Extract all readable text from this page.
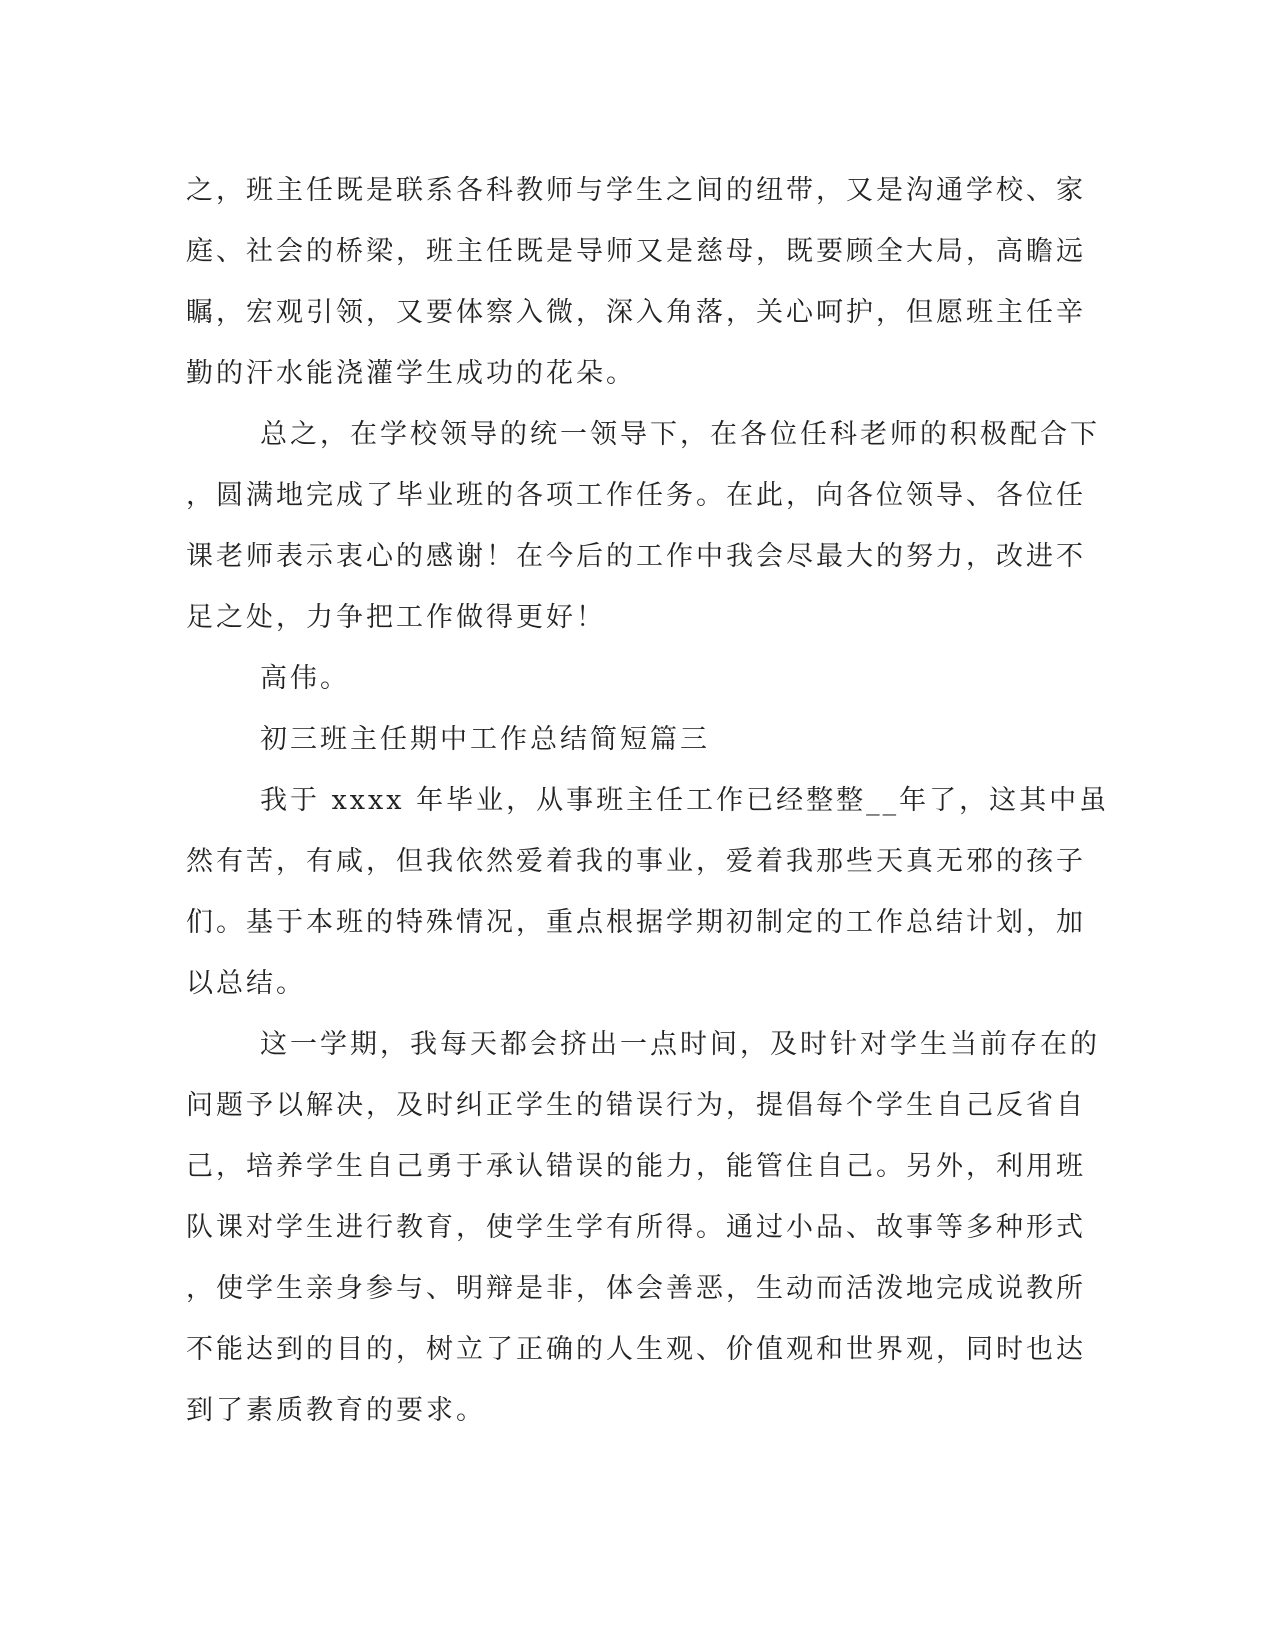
之，班主任既是联系各科教师与学生之间的纽带，又是沟通学校、家
庭、社会的桥梁，班主任既是导师又是慈母，既要顾全大局，高瞻远
瞩，宏观引领，又要体察入微，深入角落，关心呵护，但愿班主任辛
勤的汗水能浇灌学生成功的花朵。
总之，在学校领导的统一领导下，在各位任科老师的积极配合下
，圆满地完成了毕业班的各项工作任务。在此，向各位领导、各位任
课老师表示衷心的感谢！在今后的工作中我会尽最大的努力，改进不
足之处，力争把工作做得更好！
高伟。
初三班主任期中工作总结简短篇三
我于 xxxx 年毕业，从事班主任工作已经整整__年了，这其中虽
然有苦，有咸，但我依然爱着我的事业，爱着我那些天真无邪的孩子
们。基于本班的特殊情况，重点根据学期初制定的工作总结计划，加
以总结。
这一学期，我每天都会挤出一点时间，及时针对学生当前存在的
问题予以解决，及时纠正学生的错误行为，提倡每个学生自己反省自
己，培养学生自己勇于承认错误的能力，能管住自己。另外，利用班
队课对学生进行教育，使学生学有所得。通过小品、故事等多种形式
，使学生亲身参与、明辩是非，体会善恶，生动而活泼地完成说教所
不能达到的目的，树立了正确的人生观、价值观和世界观，同时也达
到了素质教育的要求。
